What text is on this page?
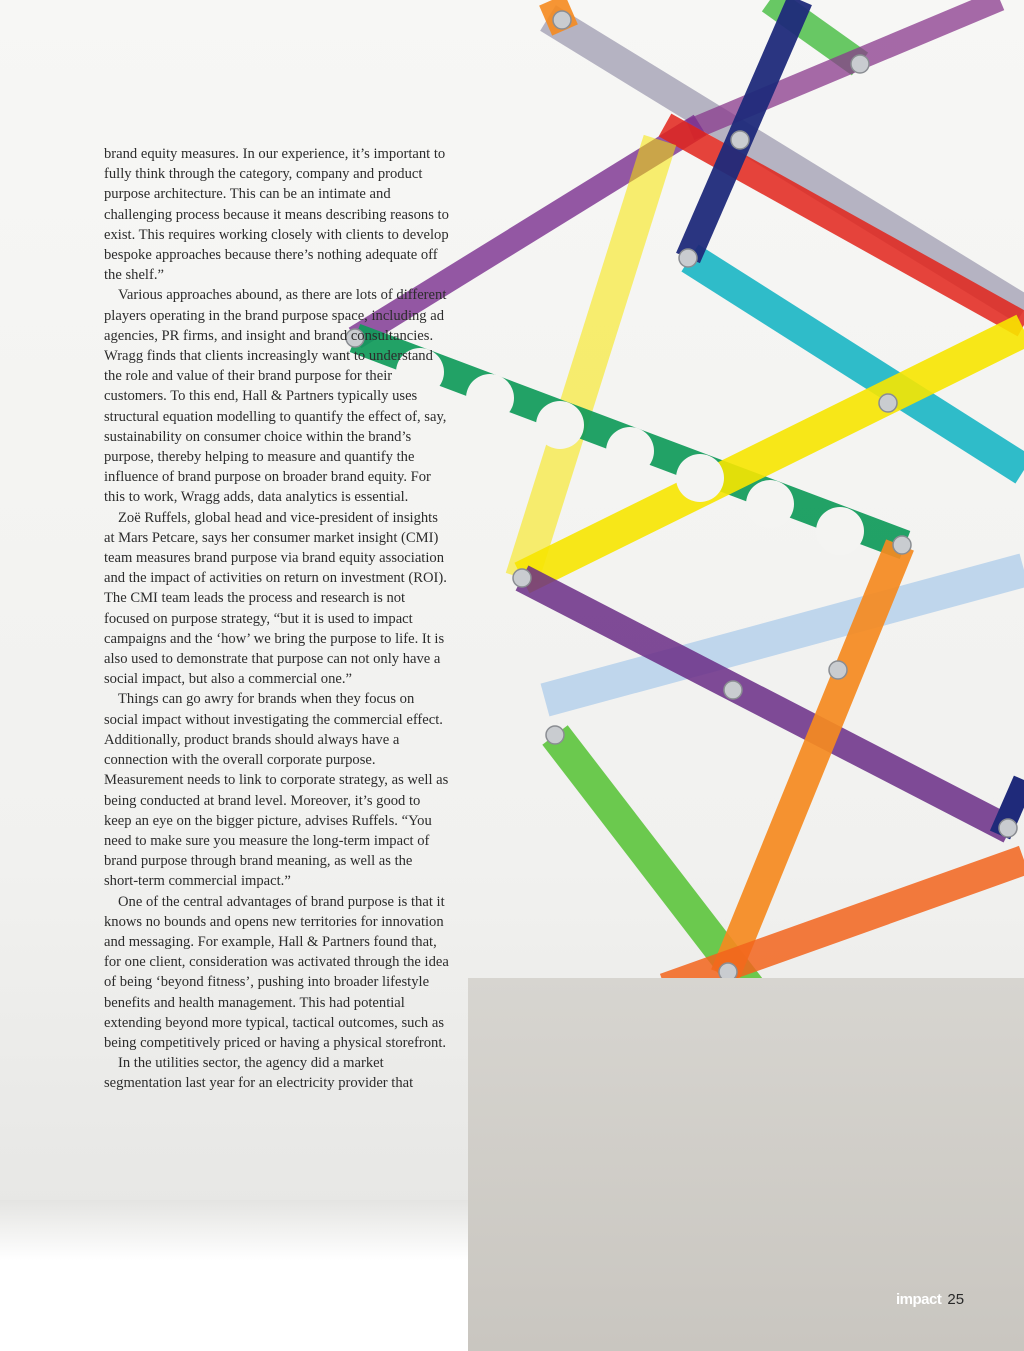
brand equity measures. In our experience, it’s important to fully think through the category, company and product purpose architecture. This can be an intimate and challenging process because it means describing reasons to exist. This requires working closely with clients to develop bespoke approaches because there’s nothing adequate off the shelf.”

Various approaches abound, as there are lots of different players operating in the brand purpose space, including ad agencies, PR firms, and insight and brand consultancies. Wragg finds that clients increasingly want to understand the role and value of their brand purpose for their customers. To this end, Hall & Partners typically uses structural equation modelling to quantify the effect of, say, sustainability on consumer choice within the brand’s purpose, thereby helping to measure and quantify the influence of brand purpose on broader brand equity. For this to work, Wragg adds, data analytics is essential.

Zoë Ruffels, global head and vice-president of insights at Mars Petcare, says her consumer market insight (CMI) team measures brand purpose via brand equity association and the impact of activities on return on investment (ROI). The CMI team leads the process and research is not focused on purpose strategy, “but it is used to impact campaigns and the ‘how’ we bring the purpose to life. It is also used to demonstrate that purpose can not only have a social impact, but also a commercial one.”

Things can go awry for brands when they focus on social impact without investigating the commercial effect. Additionally, product brands should always have a connection with the overall corporate purpose. Measurement needs to link to corporate strategy, as well as being conducted at brand level. Moreover, it’s good to keep an eye on the bigger picture, advises Ruffels. “You need to make sure you measure the long-term impact of brand purpose through brand meaning, as well as the short-term commercial impact.”

One of the central advantages of brand purpose is that it knows no bounds and opens new territories for innovation and messaging. For example, Hall & Partners found that, for one client, consideration was activated through the idea of being ‘beyond fitness’, pushing into broader lifestyle benefits and health management. This had potential extending beyond more typical, tactical outcomes, such as being competitively priced or having a physical storefront.

In the utilities sector, the agency did a market segmentation last year for an electricity provider that

impact 25
